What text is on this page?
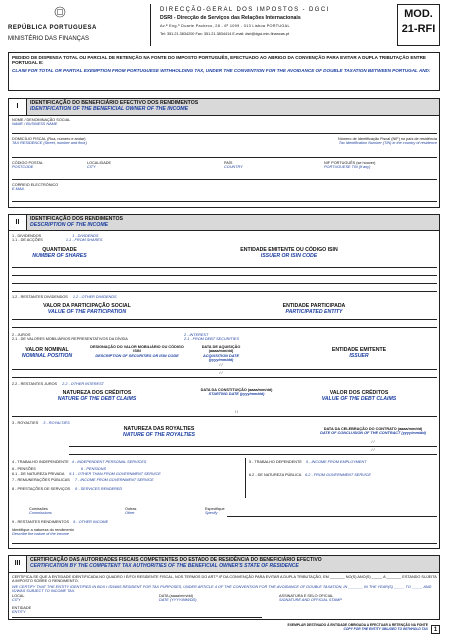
REPÚBLICA PORTUGUESA
MINISTÉRIO DAS FINANÇAS
DIRECÇÃO-GERAL DOS IMPOSTOS - DGCI
DSRI - Direcção de Serviços das Relações Internacionais
Av.ª Eng.º Duarte Pacheco, 28 - 6º 1099 - 013 Lisboa PORTUGAL
Tel: 351.21.3834200 Fax: 351.21.3834414 E-mail: dsri@dgci.min-financas.pt
MOD.
21-RFI
PEDIDO DE DISPENSA TOTAL OU PARCIAL DE RETENÇÃO NA FONTE DO IMPOSTO PORTUGUÊS, EFECTUADO AO ABRIGO DA CONVENÇÃO PARA EVITAR A DUPLA TRIBUTAÇÃO ENTRE PORTUGAL E:
CLAIM FOR TOTAL OR PARTIAL EXEMPTION FROM PORTUGUESE WITHHOLDING TAX, UNDER THE CONVENTION FOR THE AVOIDANCE OF DOUBLE TAXATION BETWEEN PORTUGAL AND:
I	IDENTIFICAÇÃO DO BENEFICIÁRIO EFECTIVO DOS RENDIMENTOS
IDENTIFICATION OF THE BENEFICIAL OWNER OF THE INCOME
NOME / DENOMINAÇÃO SOCIAL
NAME / BUSINESS NAME
DOMICÍLIO FISCAL (Rua, número e andar)
TAX RESIDENCE (Street, number and floor)
Número de Identificação Fiscal (NIF) no país de residência
Tax Identification Number (TIN) in the country of residence
CÓDIGO POSTAL
POSTCODE
LOCALIDADE
CITY
PAÍS
COUNTRY
NIF PORTUGUÊS (se houver)
PORTUGUESE TIN (if any)
CORREIO ELECTRÓNICO
E-MAIL
II	IDENTIFICAÇÃO DOS RENDIMENTOS
DESCRIPTION OF THE INCOME
1 - DIVIDENDOS	1 - DIVIDENDS
1.1 - DE ACÇÕES	1.1 - FROM SHARES
QUANTIDADE
NUMBER OF SHARES
ENTIDADE EMITENTE OU CÓDIGO ISIN
ISSUER OR ISIN CODE
1.2 - RESTANTES DIVIDENDOS 1.2 - OTHER DIVIDENDS
VALOR DA PARTICIPAÇÃO SOCIAL
VALUE OF THE PARTICIPATION
ENTIDADE PARTICIPADA
PARTICIPATED ENTITY
2 - JUROS
2.1 - DE VALORES MOBILIÁRIOS REPRESENTATIVOS DA DÍVIDA
2 - INTEREST
2.1 - FROM DEBT SECURITIES
VALOR NOMINAL
NOMINAL POSITION
DESIGNAÇÃO DO VALOR MOBILIÁRIO OU CÓDIGO ISIN
DESCRIPTION OF SECURITIES OR ISIN CODE
DATA DE AQUISIÇÃO (aaaa/mm/dd)
ACQUISITION DATE (yyyy/mm/dd)
ENTIDADE EMITENTE
ISSUER
/ /
/ /
2.2 - RESTANTES JUROS 2.2 - OTHER INTEREST
NATUREZA DOS CRÉDITOS
NATURE OF THE DEBT CLAIMS
DATA DA CONSTITUIÇÃO (aaaa/mm/dd)
STARTING DATE (yyyy/mm/dd)	VALOR DOS CRÉDITOS
VALUE OF THE DEBT CLAIMS
/ /
3 - ROYALTIES 3 - ROYALTIES
NATUREZA DAS ROYALTIES
NATURE OF THE ROYALTIES
DATA DA CELEBRAÇÃO DO CONTRATO (aaaa/mm/dd)
DATE OF CONCLUSION OF THE CONTRACT (yyyy/mm/dd)
/ /
/ /
4 - TRABALHO INDEPENDENTE 4 - INDEPENDENT PERSONAL SERVICES
6 - PENSÕES	6 - PENSIONS
6.1 - DE NATUREZA PRIVADA 6.1 - OTHER THAN FROM GOVERNMENT SERVICE
7 - REMUNERAÇÕES PÚBLICAS 7 - INCOME FROM GOVERNMENT SERVICE
8 - PRESTAÇÕES DE SERVIÇOS 8 - SERVICES RENDERED
5 - TRABALHO DEPENDENTE 5 - INCOME FROM EMPLOYMENT
6.2 - DE NATUREZA PÚBLICA 6.2 - FROM GOVERNMENT SERVICE
Comissões
Commissions
Outras
Other
Especifique
Specify
9 - RESTANTES RENDIMENTOS 9 - OTHER INCOME
Identifique a natureza do rendimento
Describe the nature of the income
III	CERTIFICAÇÃO DAS AUTORIDADES FISCAIS COMPETENTES DO ESTADO DE RESIDÊNCIA DO BENEFICIÁRIO EFECTIVO
CERTIFICATION BY THE COMPETENT TAX AUTHORITIES OF THE BENEFICIAL OWNER'S STATE OF RESIDENCE
CERTIFICA-SE QUE A ENTIDADE IDENTIFICADA NO QUADRO I É/FOI RESIDENTE FISCAL, NOS TERMOS DO ART.º 4º DA CONVENÇÃO PARA EVITAR A DUPLA TRIBUTAÇÃO, EM _______ NO(S) ANO(S) _____ A _______ ESTANDO SUJEITA A IMPOSTO SOBRE O RENDIMENTO.
WE CERTIFY THAT THE ENTITY IDENTIFIED IN BOX I IS/WAS RESIDENT FOR TAX PURPOSES, UNDER ARTICLE 4 OF THE CONVENTION FOR THE AVOIDANCE OF DOUBLE TAXATION, IN _______ IN THE YEAR(S) _____ TO _____ AND IS/WAS SUBJECT TO INCOME TAX.
LOCAL
CITY
DATA (aaaa/mm/dd)
DATE (YYYY/MM/DD)
ASSINATURA E SELO OFICIAL
SIGNATURE AND OFFICIAL STAMP
ENTIDADE
ENTITY
EXEMPLAR DESTINADO À ENTIDADE OBRIGADA A EFECTUAR A RETENÇÃO NA FONTE
COPY FOR THE ENTITY OBLIGED TO WITHHOLD TAX 1
